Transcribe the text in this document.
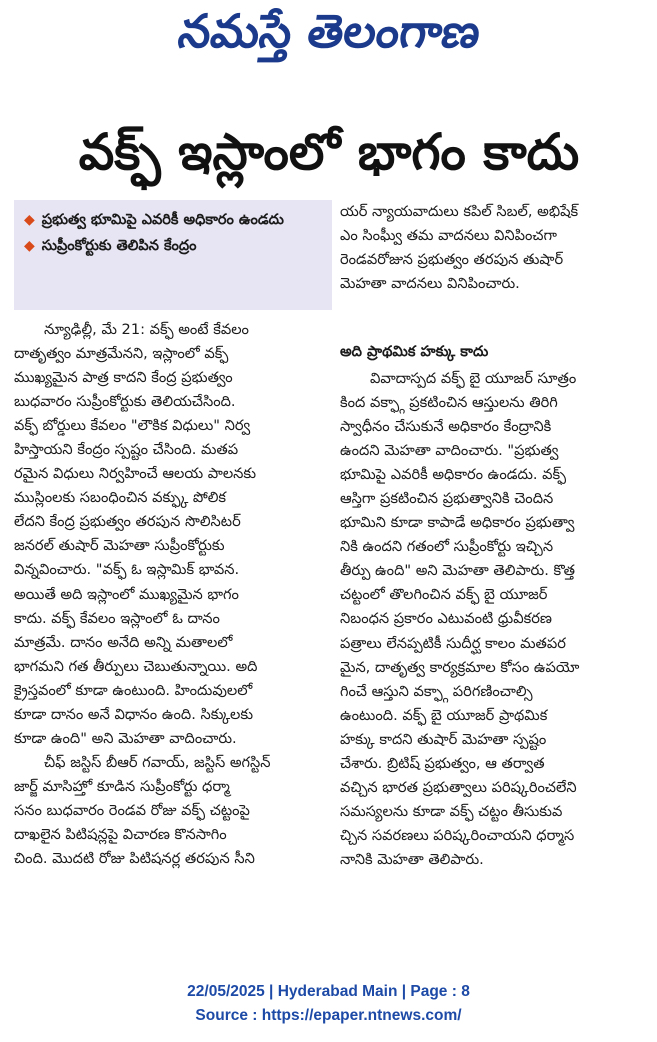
నమస్తే తెలంగాణ
వక్ఫ్ ఇస్లాంలో భాగం కాదు
◆ ప్రభుత్వ భూమిపై ఎవరికీ అధికారం ఉండదు
◆ సుప్రీంకోర్టుకు తెలిపిన కేంద్రం
యర్ న్యాయవాదులు కపిల్ సిబల్, అభిషేక్
ఎం సింఘ్వీ తమ వాదనలు వినిపించగా
రెండవరోజున ప్రభుత్వం తరపున తుషార్
మెహతా వాదనలు వినిపించారు.
అది ప్రాథమిక హక్కు కాదు
న్యూఢిల్లీ, మే 21: వక్ఫ్ అంటే కేవలం
దాతృత్వం మాత్రమేనని, ఇస్లాంలో వక్ఫ్
ముఖ్యమైన పాత్ర కాదని కేంద్ర ప్రభుత్వం
బుధవారం సుప్రీంకోర్టుకు తెలియచేసింది.
వక్ఫ్ బోర్డులు కేవలం "లౌకిక విధులు" నిర్వ
హిస్తాయని కేంద్రం స్పష్టం చేసింది. మతప
రమైన విధులు నిర్వహించే ఆలయ పాలనకు
ముస్లింలకు సబంధించిన వక్ఫ్కు పోలిక
లేదని కేంద్ర ప్రభుత్వం తరపున సొలిసిటర్
జనరల్ తుషార్ మెహతా సుప్రీంకోర్టుకు
విన్నవించారు. "వక్ఫ్ ఓ ఇస్లామిక్ భావన.
అయితే అది ఇస్లాంలో ముఖ్యమైన భాగం
కాదు. వక్ఫ్ కేవలం ఇస్లాంలో ఓ దానం
మాత్రమే. దానం అనేది అన్ని మతాలలో
భాగమని గత తీర్పులు చెబుతున్నాయి. అది
క్రైస్తవంలో కూడా ఉంటుంది. హిందువులలో
కూడా దానం అనే విధానం ఉంది. సిక్కులకు
కూడా ఉంది" అని మెహతా వాదించారు.
చీఫ్ జస్టిస్ బీఆర్ గవాయ్, జస్టిస్ అగస్టిన్
జార్జ్ మాసిహ్తో కూడిన సుప్రీంకోర్టు ధర్మా
సనం బుధవారం రెండవ రోజు వక్ఫ్ చట్టంపై
దాఖలైన పిటిషన్లపై విచారణ కొనసాగిం
చింది. మొదటి రోజు పిటిషనర్ల తరపున సీని
వివాదాస్పద వక్ఫ్ బై యూజర్ సూత్రం
కింద వక్ఫ్గా ప్రకటించిన ఆస్తులను తిరిగి
స్వాధీనం చేసుకునే అధికారం కేంద్రానికి
ఉందని మెహతా వాదించారు. "ప్రభుత్వ
భూమిపై ఎవరికీ అధికారం ఉండదు. వక్ఫ్
ఆస్తిగా ప్రకటించిన ప్రభుత్వానికి చెందిన
భూమిని కూడా కాపాడే అధికారం ప్రభుత్వా
నికి ఉందని గతంలో సుప్రీంకోర్టు ఇచ్చిన
తీర్పు ఉంది" అని మెహతా తెలిపారు. కొత్త
చట్టంలో తొలగించిన వక్ఫ్ బై యూజర్
నిబంధన ప్రకారం ఎటువంటి ధ్రువీకరణ
పత్రాలు లేనప్పటికీ సుదీర్ఘ కాలం మతపర
మైన, దాతృత్వ కార్యక్రమాల కోసం ఉపయో
గించే ఆస్తుని వక్ఫ్గా పరిగణించాల్సి
ఉంటుంది. వక్ఫ్ బై యూజర్ ప్రాథమిక
హక్కు కాదని తుషార్ మెహతా స్పష్టం
చేశారు. బ్రిటిష్ ప్రభుత్వం, ఆ తర్వాత
వచ్చిన భారత ప్రభుత్వాలు పరిష్కరించలేని
సమస్యలను కూడా వక్ఫ్ చట్టం తీసుకువ
చ్చిన సవరణలు పరిష్కరించాయని ధర్మాస
నానికి మెహతా తెలిపారు.
22/05/2025 | Hyderabad Main | Page : 8
Source : https://epaper.ntnews.com/
